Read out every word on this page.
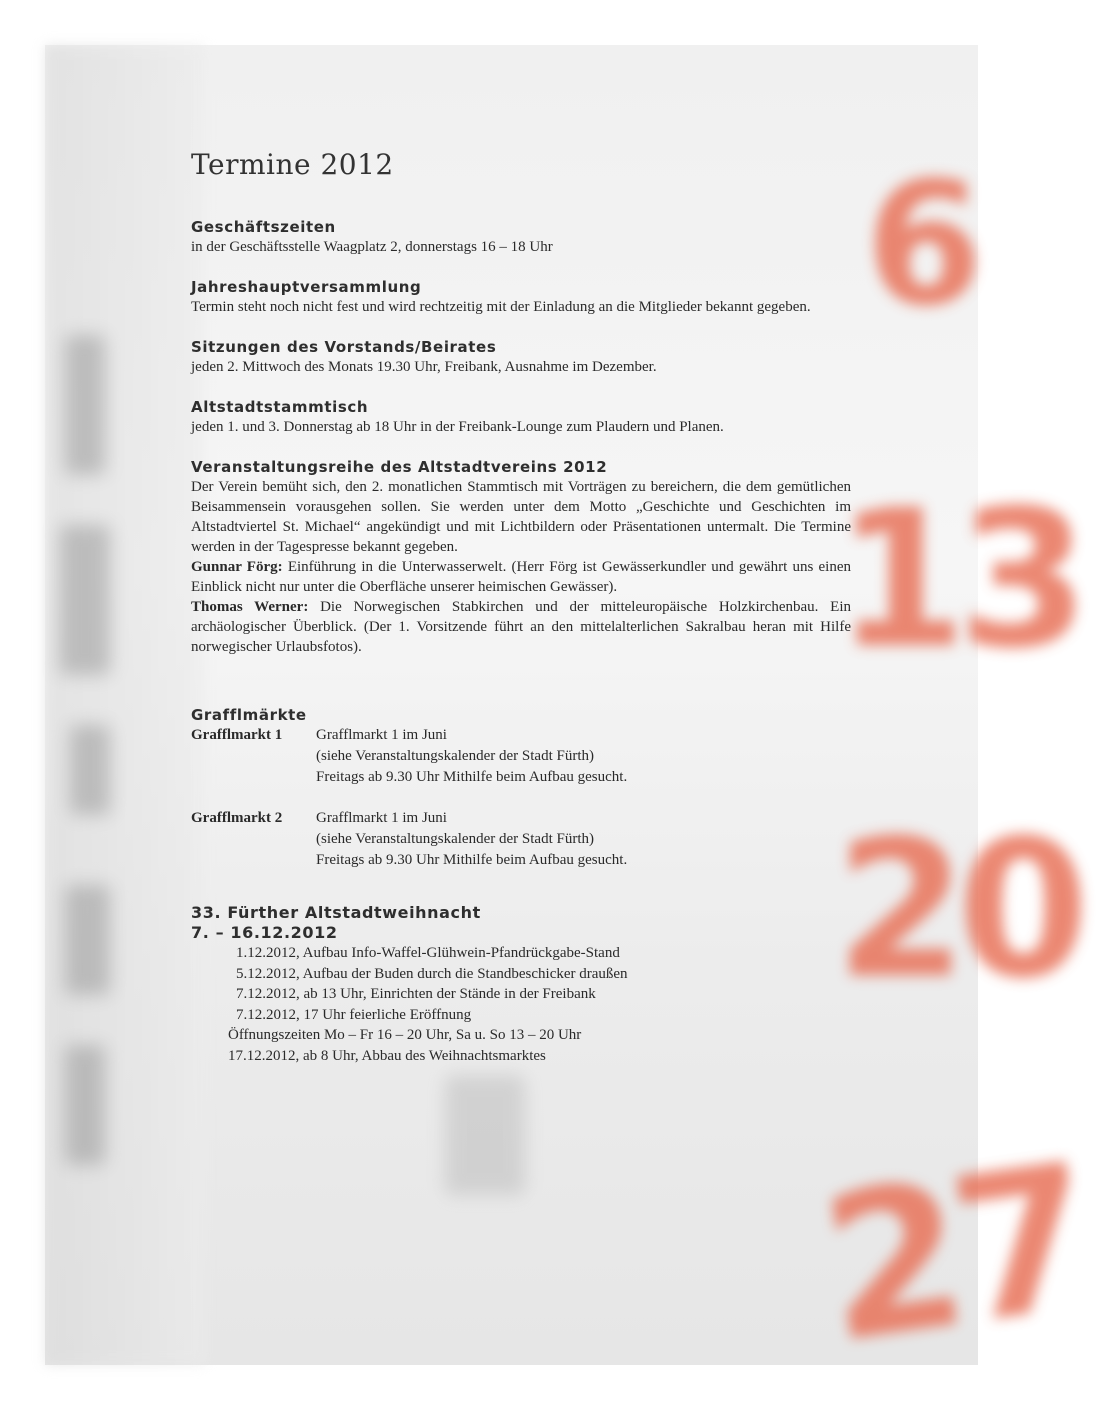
6
13
20
27
Termine 2012
Geschäftszeiten

in der Geschäftsstelle Waagplatz 2, donnerstags 16 – 18 Uhr

Jahreshauptversammlung

Termin steht noch nicht fest und wird rechtzeitig mit der Einladung an die Mitglieder bekannt gegeben.

Sitzungen des Vorstands/Beirates

jeden 2. Mittwoch des Monats 19.30 Uhr, Freibank, Ausnahme im Dezember.

Altstadtstammtisch

jeden 1. und 3. Donnerstag ab 18 Uhr in der Freibank-Lounge zum Plaudern und Planen.

Veranstaltungsreihe des Altstadtvereins 2012

Der Verein bemüht sich, den 2. monatlichen Stammtisch mit Vorträgen zu bereichern, die dem gemütlichen Beisammensein vorausgehen sollen. Sie werden unter dem Motto „Geschichte und Geschichten im Altstadtviertel St. Michael“ angekündigt und mit Lichtbildern oder Präsentationen untermalt. Die Termine werden in der Tagespresse bekannt gegeben.

Gunnar Förg: Einführung in die Unterwasserwelt. (Herr Förg ist Gewässerkundler und gewährt uns einen Einblick nicht nur unter die Oberfläche unserer heimischen Gewässer).

Thomas Werner: Die Norwegischen Stabkirchen und der mitteleuropäische Holzkirchenbau. Ein archäologischer Überblick. (Der 1. Vorsitzende führt an den mittelalterlichen Sakralbau heran mit Hilfe norwegischer Urlaubsfotos).

Grafflmärkte
Grafflmarkt 1	Grafflmarkt 1 im Juni
(siehe Veranstaltungskalender der Stadt Fürth)
Freitags ab 9.30 Uhr Mithilfe beim Aufbau gesucht.
Grafflmarkt 2	Grafflmarkt 1 im Juni
(siehe Veranstaltungskalender der Stadt Fürth)
Freitags ab 9.30 Uhr Mithilfe beim Aufbau gesucht.
33. Fürther Altstadtweihnacht
7. – 16.12.2012
1.12.2012, Aufbau Info-Waffel-Glühwein-Pfandrückgabe-Stand
5.12.2012, Aufbau der Buden durch die Standbeschicker draußen
7.12.2012, ab 13 Uhr, Einrichten der Stände in der Freibank
7.12.2012, 17 Uhr feierliche Eröffnung
Öffnungszeiten Mo – Fr 16 – 20 Uhr, Sa u. So 13 – 20 Uhr
17.12.2012, ab 8 Uhr, Abbau des Weihnachtsmarktes
